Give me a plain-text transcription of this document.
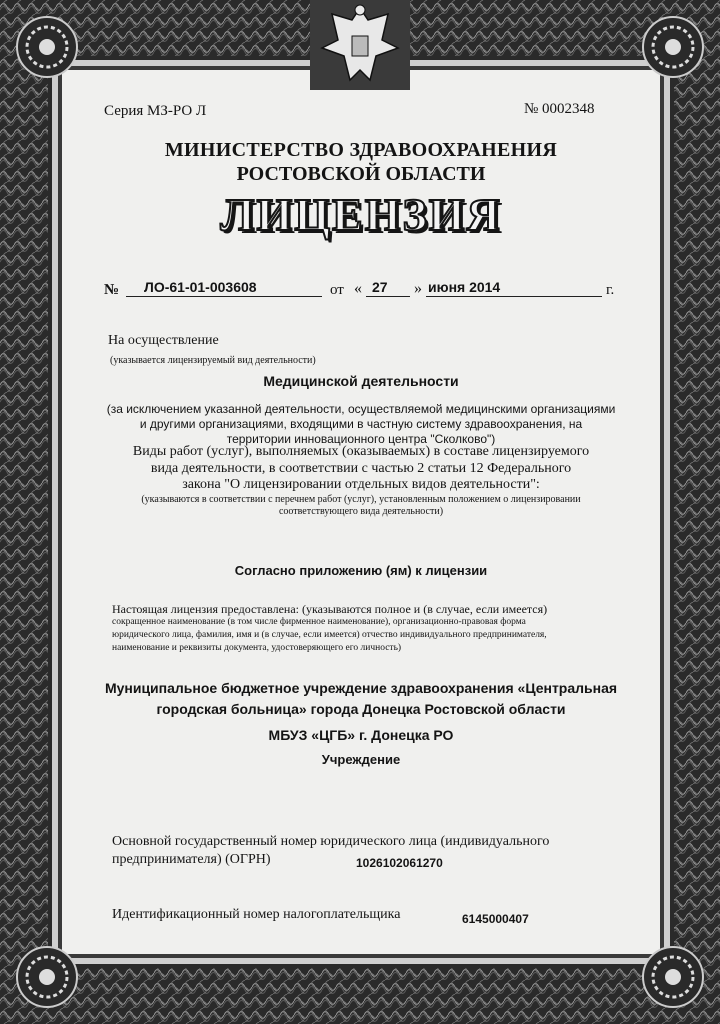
Серия МЗ-РО Л	№ 0002348
МИНИСТЕРСТВО ЗДРАВООХРАНЕНИЯ
РОСТОВСКОЙ ОБЛАСТИ
ЛИЦЕНЗИЯ
№ ЛО-61-01-003608	от « 27 » июня 2014	г.
На осуществление
(указывается лицензируемый вид деятельности)
Медицинской деятельности
(за исключением указанной деятельности, осуществляемой медицинскими организациями
и другими организациями, входящими в частную систему здравоохранения, на
территории инновационного центра "Сколково")
Виды работ (услуг), выполняемых (оказываемых) в составе лицензируемого
вида деятельности, в соответствии с частью 2 статьи 12 Федерального
закона "О лицензировании отдельных видов деятельности":
(указываются в соответствии с перечнем работ (услуг), установленным положением о лицензировании
соответствующего вида деятельности)
Согласно приложению (ям) к лицензии
Настоящая лицензия предоставлена: (указываются полное и (в случае, если имеется)
сокращенное наименование (в том числе фирменное наименование), организационно-правовая форма
юридического лица, фамилия, имя и (в случае, если имеется) отчество индивидуального предпринимателя,
наименование и реквизиты документа, удостоверяющего его личность)
Муниципальное бюджетное учреждение здравоохранения «Центральная
городская больница» города Донецка Ростовской области
МБУЗ «ЦГБ» г. Донецка РО
Учреждение
Основной государственный номер юридического лица (индивидуального
предпринимателя) (ОГРН)	1026102061270
Идентификационный номер налогоплательщика	6145000407
